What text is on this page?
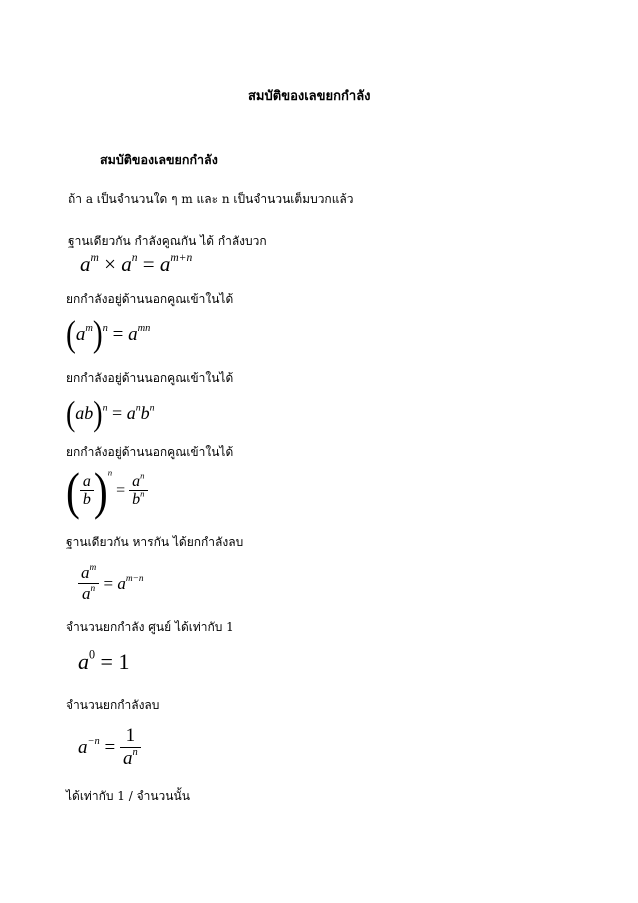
สมบัติของเลขยกกำลัง
สมบัติของเลขยกกำลัง
ถ้า a เป็นจำนวนใด ๆ m และ n เป็นจำนวนเต็มบวกแล้ว
ฐานเดียวกัน กำลังคูณกัน ได้ กำลังบวก
$a^m \times a^n = a^{m+n}$
ยกกำลังอยู่ด้านนอกคูณเข้าในได้
$(a^m)^n = a^{mn}$
ยกกำลังอยู่ด้านนอกคูณเข้าในได้
$(ab)^n = a^nb^n$
ยกกำลังอยู่ด้านนอกคูณเข้าในได้
( $\frac{a}{b} )^n = \frac{a^n}{b^n}$
ฐานเดียวกัน หารกัน ได้ยกกำลังลบ
$\frac{a^m}{a^n} = a^{m-n}$
จำนวนยกกำลัง ศูนย์ ได้เท่ากับ 1
$a^0 = 1$
จำนวนยกกำลังลบ
$a^{-n} = \frac{1}{a^n}$
ได้เท่ากับ 1 / จำนวนนั้น
